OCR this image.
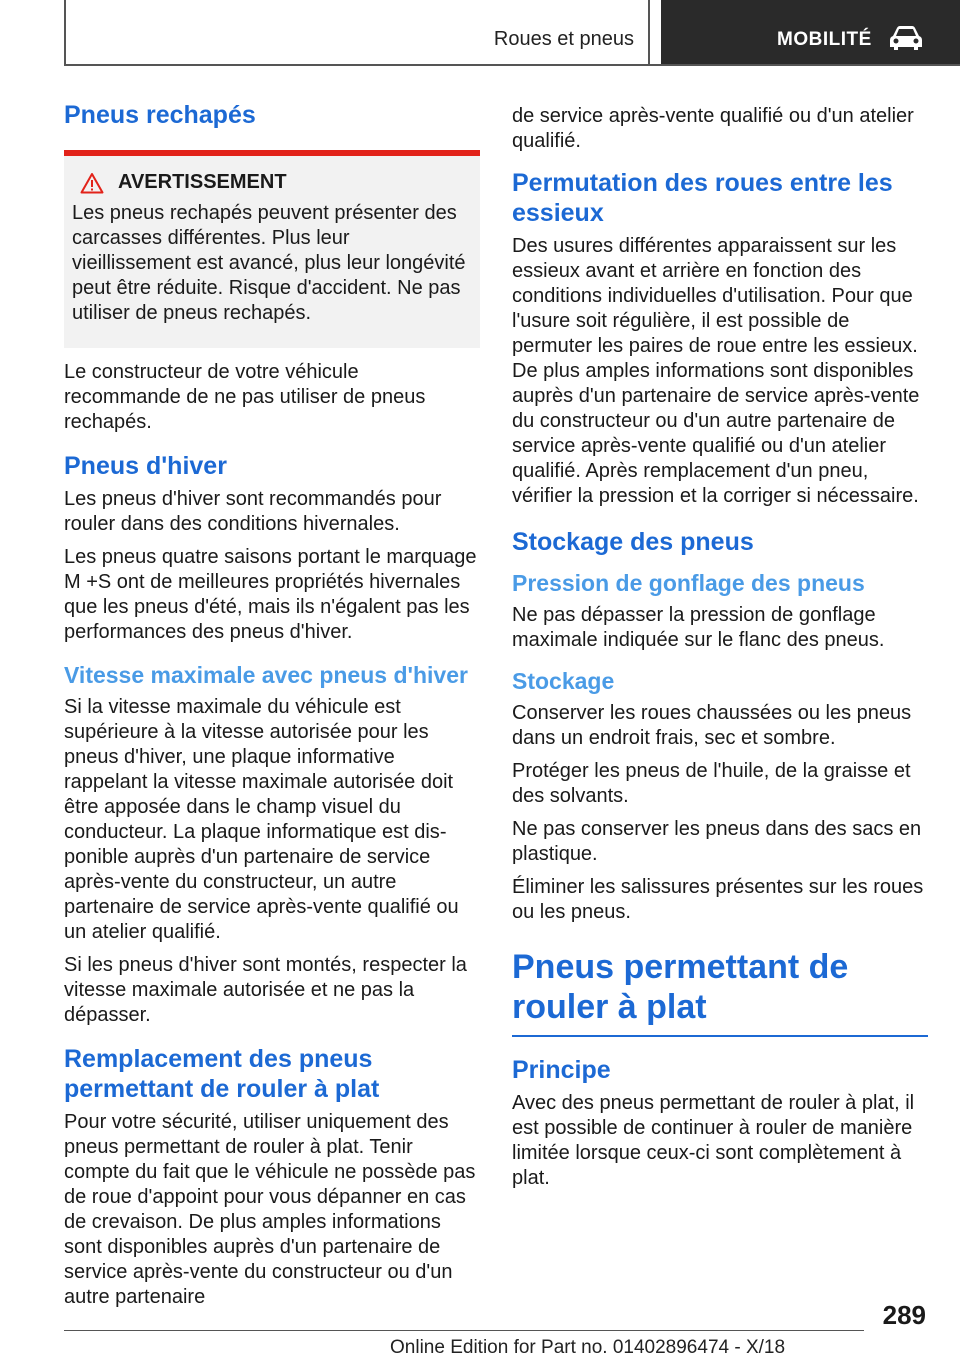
Roues et pneus	MOBILITÉ
Pneus rechapés
AVERTISSEMENT

Les pneus rechapés peuvent présenter des carcasses différentes. Plus leur vieillissement est avancé, plus leur longévité peut être réduite. Risque d'accident. Ne pas utiliser de pneus rechapés.

Le constructeur de votre véhicule recommande de ne pas utiliser de pneus rechapés.

Pneus d'hiver

Les pneus d'hiver sont recommandés pour rouler dans des conditions hivernales.

Les pneus quatre saisons portant le marquage M +S ont de meilleures propriétés hivernales que les pneus d'été, mais ils n'égalent pas les performances des pneus d'hiver.

Vitesse maximale avec pneus d'hiver

Si la vitesse maximale du véhicule est supérieure à la vitesse autorisée pour les pneus d'hiver, une plaque informative rappelant la vitesse maximale autorisée doit être apposée dans le champ visuel du conducteur. La plaque informatique est disponible auprès d'un partenaire de service après-vente du constructeur, un autre partenaire de service après-vente qualifié ou un atelier qualifié.

Si les pneus d'hiver sont montés, respecter la vitesse maximale autorisée et ne pas la dépasser.

Remplacement des pneus permettant de rouler à plat

Pour votre sécurité, utiliser uniquement des pneus permettant de rouler à plat. Tenir compte du fait que le véhicule ne possède pas de roue d'appoint pour vous dépanner en cas de crevaison. De plus amples informations sont disponibles auprès d'un partenaire de service après-vente du constructeur ou d'un autre partenaire

de service après-vente qualifié ou d'un atelier qualifié.

Permutation des roues entre les essieux

Des usures différentes apparaissent sur les essieux avant et arrière en fonction des conditions individuelles d'utilisation. Pour que l'usure soit régulière, il est possible de permuter les paires de roue entre les essieux. De plus amples informations sont disponibles auprès d'un partenaire de service après-vente du constructeur ou d'un autre partenaire de service après-vente qualifié ou d'un atelier qualifié. Après remplacement d'un pneu, vérifier la pression et la corriger si nécessaire.

Stockage des pneus
Pression de gonflage des pneus

Ne pas dépasser la pression de gonflage maximale indiquée sur le flanc des pneus.

Stockage

Conserver les roues chaussées ou les pneus dans un endroit frais, sec et sombre.

Protéger les pneus de l'huile, de la graisse et des solvants.

Ne pas conserver les pneus dans des sacs en plastique.

Éliminer les salissures présentes sur les roues ou les pneus.

Pneus permettant de rouler à plat
Principe

Avec des pneus permettant de rouler à plat, il est possible de continuer à rouler de manière limitée lorsque ceux-ci sont complètement à plat.

289
Online Edition for Part no. 01402896474 - X/18
